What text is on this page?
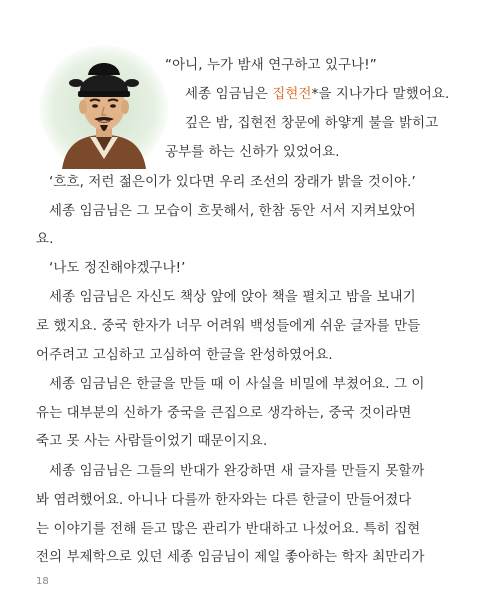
“아니, 누가 밤새 연구하고 있구나!”
세종 임금님은 집현전*을 지나가다 말했어요.
깊은 밤, 집현전 창문에 하얗게 불을 밝히고
공부를 하는 신하가 있었어요.
‘흐흐, 저런 젊은이가 있다면 우리 조선의 장래가 밝을 것이야.’
세종 임금님은 그 모습이 흐뭇해서, 한참 동안 서서 지켜보았어
요.
‘나도 정진해야겠구나!’
세종 임금님은 자신도 책상 앞에 앉아 책을 펼치고 밤을 보내기
로 했지요. 중국 한자가 너무 어려워 백성들에게 쉬운 글자를 만들
어주려고 고심하고 고심하여 한글을 완성하였어요.
세종 임금님은 한글을 만들 때 이 사실을 비밀에 부쳤어요. 그 이
유는 대부분의 신하가 중국을 큰집으로 생각하는, 중국 것이라면
죽고 못 사는 사람들이었기 때문이지요.
세종 임금님은 그들의 반대가 완강하면 새 글자를 만들지 못할까
봐 염려했어요. 아니나 다를까 한자와는 다른 한글이 만들어졌다
는 이야기를 전해 듣고 많은 관리가 반대하고 나섰어요. 특히 집현
전의 부제학으로 있던 세종 임금님이 제일 좋아하는 학자 최만리가
18
